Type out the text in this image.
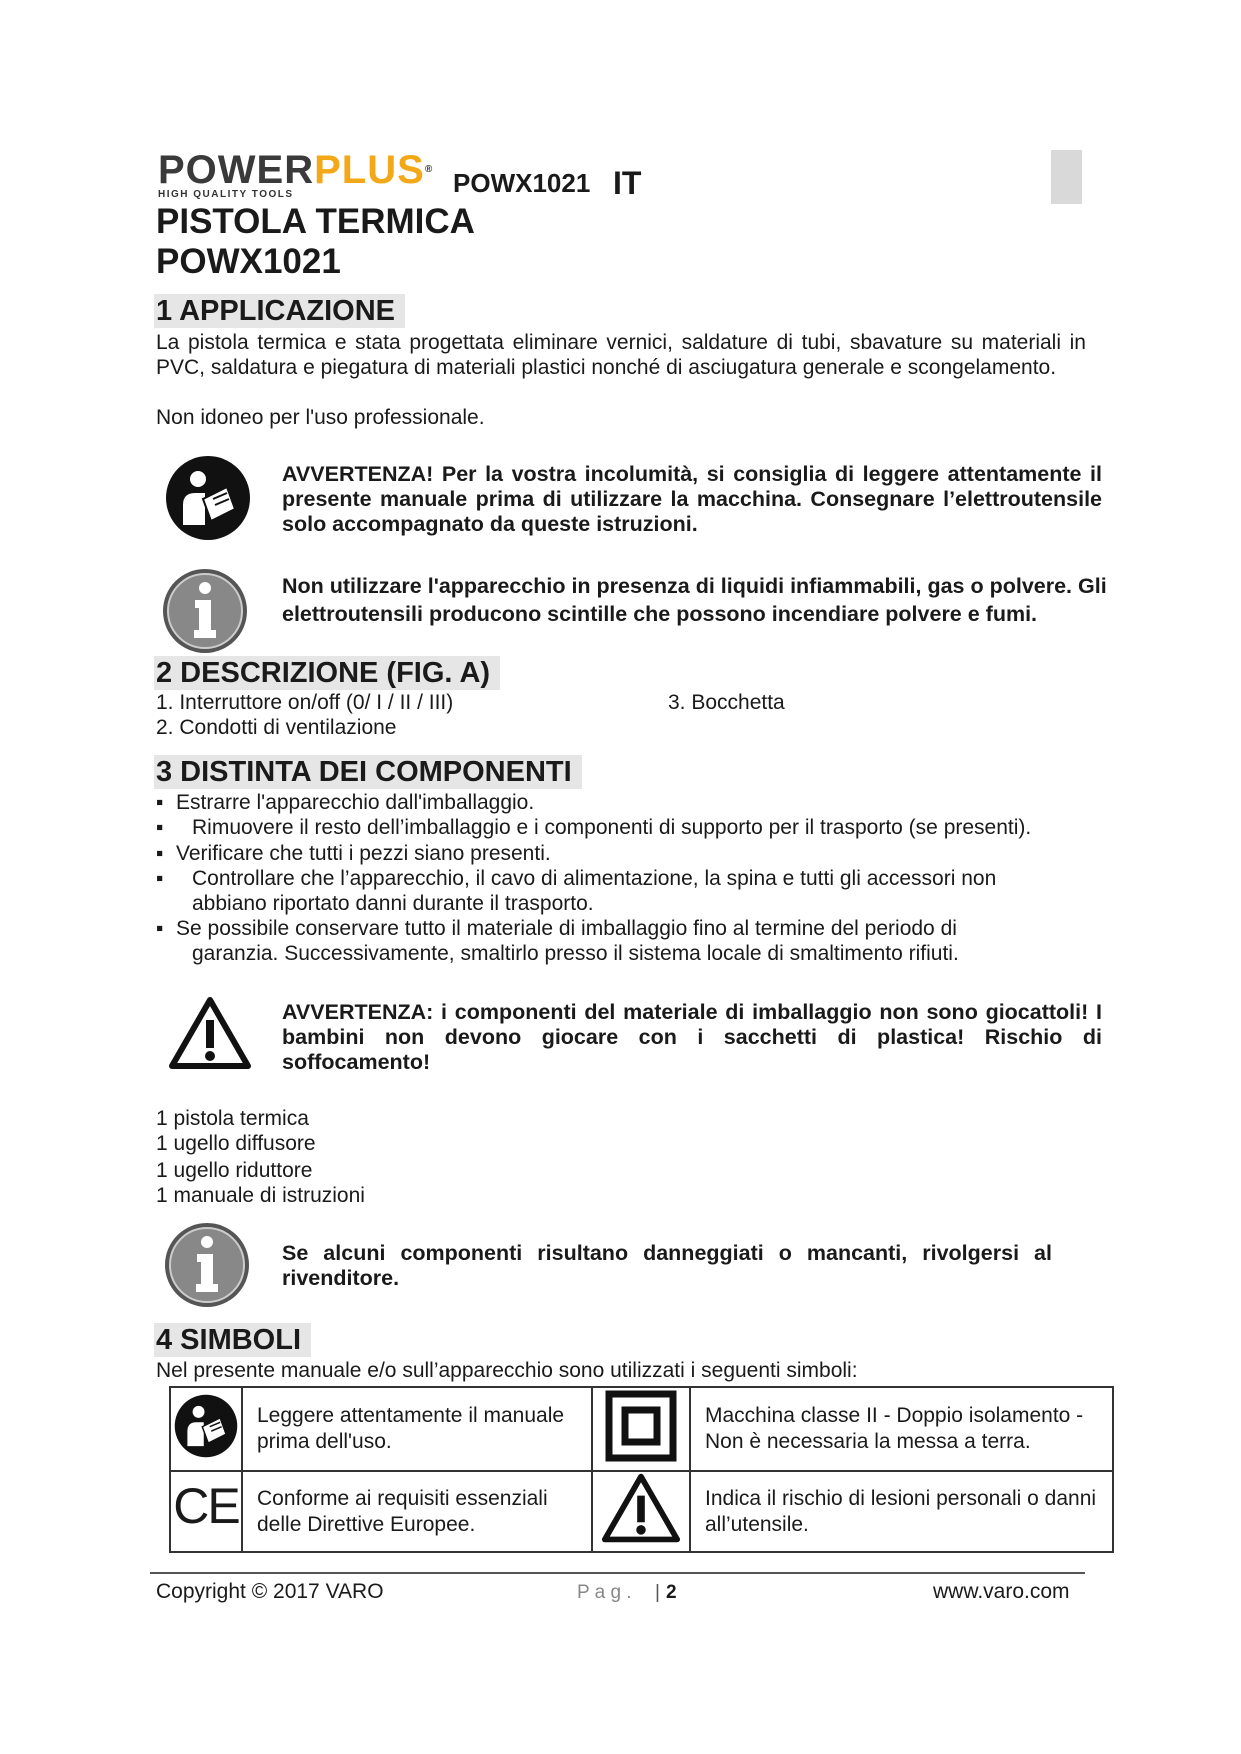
POWERPLUS®
HIGH QUALITY TOOLS	POWX1021 IT
PISTOLA TERMICA
POWX1021
1 APPLICAZIONE
La pistola termica e stata progettata eliminare vernici, saldature di tubi, sbavature su materiali in PVC, saldatura e piegatura di materiali plastici nonché di asciugatura generale e scongelamento.
Non idoneo per l'uso professionale.
AVVERTENZA! Per la vostra incolumità, si consiglia di leggere attentamente il presente manuale prima di utilizzare la macchina. Consegnare l’elettroutensile solo accompagnato da queste istruzioni.
Non utilizzare l'apparecchio in presenza di liquidi infiammabili, gas o polvere. Gli elettroutensili producono scintille che possono incendiare polvere e fumi.
2 DESCRIZIONE (FIG. A)
1. Interruttore on/off (0/ I / II / III)
2. Condotti di ventilazione
3. Bocchetta
3 DISTINTA DEI COMPONENTI
▪ Estrarre l'apparecchio dall'imballaggio.
▪ Rimuovere il resto dell’imballaggio e i componenti di supporto per il trasporto (se presenti).
▪ Verificare che tutti i pezzi siano presenti.
▪ Controllare che l’apparecchio, il cavo di alimentazione, la spina e tutti gli accessori non
abbiano riportato danni durante il trasporto.
▪ Se possibile conservare tutto il materiale di imballaggio fino al termine del periodo di
garanzia. Successivamente, smaltirlo presso il sistema locale di smaltimento rifiuti.
AVVERTENZA: i componenti del materiale di imballaggio non sono giocattoli! I bambini non devono giocare con i sacchetti di plastica! Rischio di soffocamento!
1 pistola termica
1 ugello diffusore
1 ugello riduttore
1 manuale di istruzioni
Se alcuni componenti risultano danneggiati o mancanti, rivolgersi al rivenditore.
4 SIMBOLI
Nel presente manuale e/o sull’apparecchio sono utilizzati i seguenti simboli:
	Leggere attentamente il manuale prima dell'uso.		Macchina classe II - Doppio isolamento - Non è necessaria la messa a terra.
CE	Conforme ai requisiti essenziali delle Direttive Europee.		Indica il rischio di lesioni personali o danni all’utensile.
Copyright © 2017 VARO	P a g . | 2	www.varo.com
